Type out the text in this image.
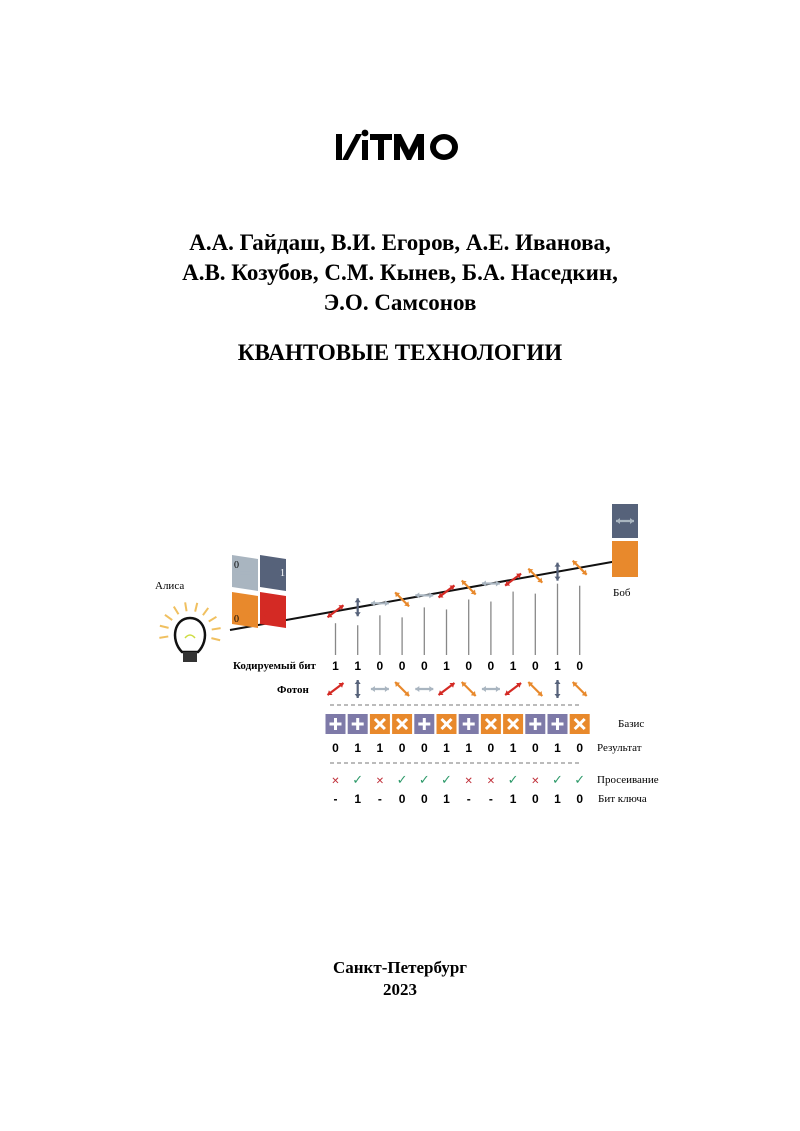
А.А. Гайдаш, В.И. Егоров, А.Е. Иванова,
А.В. Козубов, С.М. Кынев, Б.А. Наседкин,
Э.О. Самсонов
КВАНТОВЫЕ ТЕХНОЛОГИИ
0
1
0
1
Алиса
Боб
Кодируемый бит
Фотон
Базис
Результат
Просеивание
Бит ключа
1
0
✕
-
1
1
✓
1
0
1
✕
-
0
0
✓
0
0
0
✓
0
1
1
✓
1
0
1
✕
-
0
0
✕
-
1
1
✓
1
0
0
✕
0
1
1
✓
1
0
0
✓
0
Санкт-Петербург
2023
